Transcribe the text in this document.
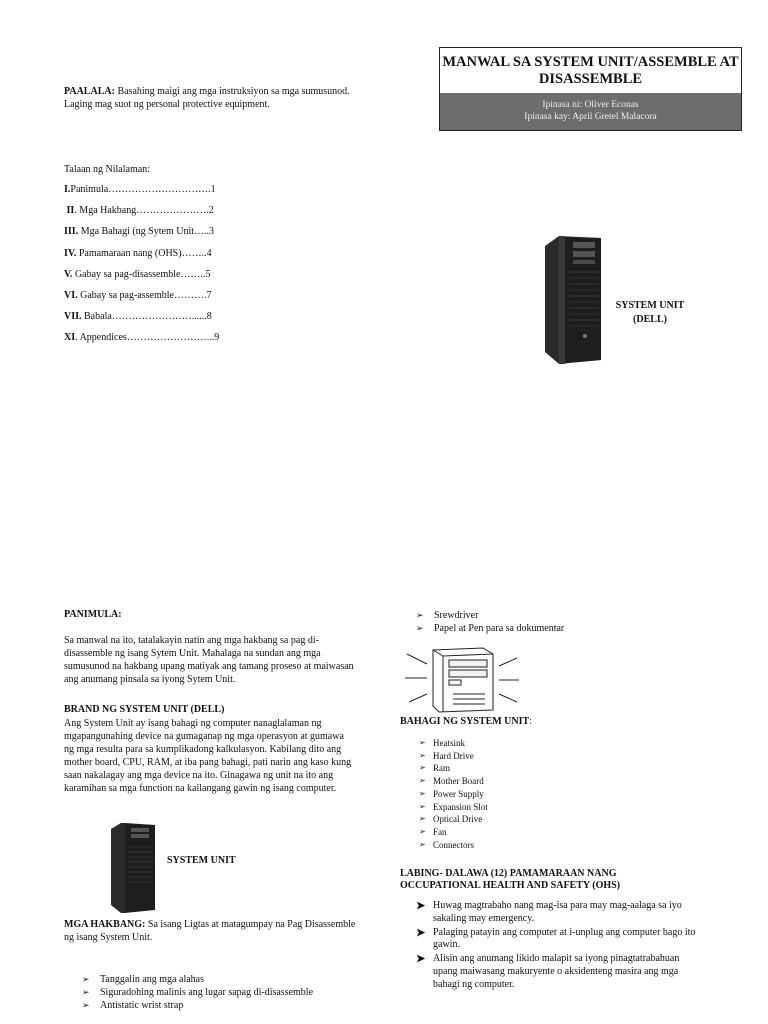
MANWAL SA SYSTEM UNIT/ASSEMBLE AT DISASSEMBLE
Ipinasa ni: Oliver Econas
Ipinasa kay: April Gretel Malacora
PAALALA: Basahing maigi ang mga instruksiyon sa mga sumusunod. Laging mag suot ng personal protective equipment.
Talaan ng Nilalaman:
I.Panimula………………………….1
II. Mga Hakbang………………….2
III. Mga Bahagi (ng Sytem Unit…..3
IV. Pamamaraan nang (OHS)……..4
V. Gabay sa pag-disassemble……..5
VI. Gabay sa pag-assemble……….7
VII. Babala……………………......8
XI. Appendices……………………...9
SYSTEM UNIT
(DELL)
PANIMULA:
Sa manwal na ito, tatalakayin natin ang mga hakbang sa pag di-disassemble ng isang Sytem Unit. Mahalaga na sundan ang mga sumusunod na hakbang upang matiyak ang tamang proseso at maiwasan ang anumang pinsala sa iyong Sytem Unit.
BRAND NG SYSTEM UNIT (DELL)
Ang System Unit ay isang bahagi ng computer nanaglalaman ng mgapangunahing device na gumaganap ng mga operasyon at gumawa ng mga resulta para sa kumplikadong kalkulasyon. Kabilang dito ang mother board, CPU, RAM, at iba pang bahagi, pati narin ang kaso kung saan nakalagay ang mga device na ito. Ginagawa ng unit na ito ang karamihan sa mga function na kailangang gawin ng isang computer.
SYSTEM UNIT
MGA HAKBANG: Sa isang Ligtas at matagumpay na Pag Disassemble ng isang System Unit.
➢ Tanggalin ang mga alahas
➢ Siguradohing malinis ang lugar sapag di-disassemble
➢ Antistatic wrist strap
➢ Srewdriver
➢ Papel at Pen para sa dokumentar
BAHAGI NG SYSTEM UNIT:
➢ Heatsink
➢ Hard Drive
➢ Ram
➢ Mother Board
➢ Power Supply
➢ Expansion Slot
➢ Optical Drive
➢ Fan
➢ Connectors
LABING- DALAWA (12) PAMAMARAAN NANG
OCCUPATIONAL HEALTH AND SAFETY (OHS)
➤ Huwag magtrabaho nang mag-isa para may mag-aalaga sa iyo sakaling may emergency.
➤ Palaging patayin ang computer at i-unplug ang computer bago ito gawin.
➤ Alisin ang anumang likido malapit sa iyong pinagtatrabahuan upang maiwasang makuryente o aksidenteng masira ang mga bahagi ng computer.
